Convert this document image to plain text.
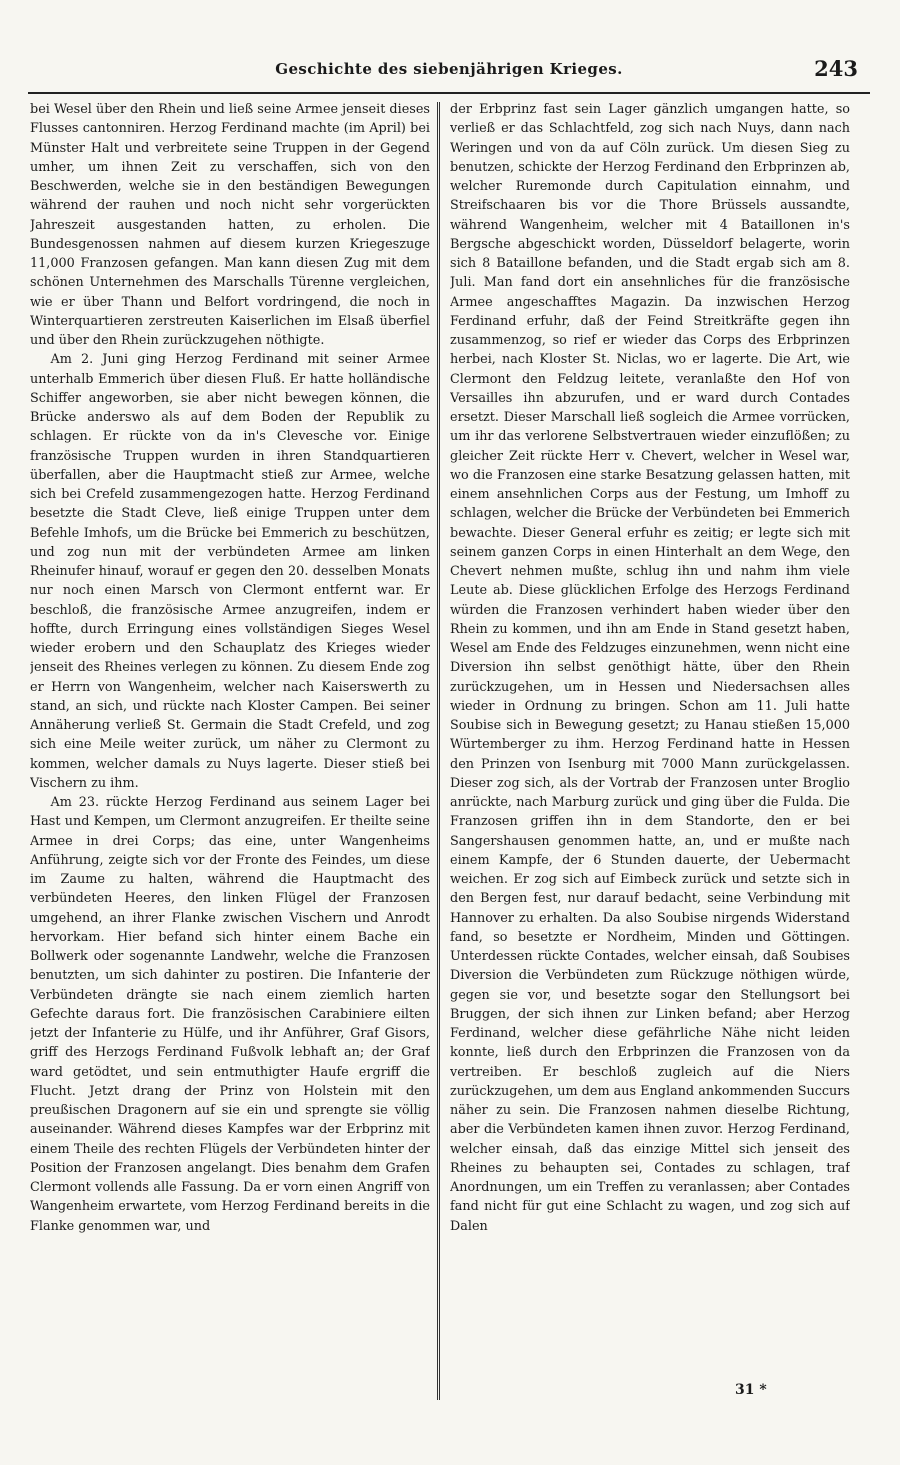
Geschichte des siebenjährigen Krieges.	243

bei Wesel über den Rhein und ließ seine Armee jenseit dieses Flusses cantonniren. Herzog Ferdinand machte (im April) bei Münster Halt und verbreitete seine Truppen in der Gegend umher, um ihnen Zeit zu verschaffen, sich von den Beschwerden, welche sie in den beständigen Bewegungen während der rauhen und noch nicht sehr vorgerückten Jahreszeit ausgestanden hatten, zu erholen. Die Bundesgenossen nahmen auf diesem kurzen Kriegeszuge 11,000 Franzosen gefangen. Man kann diesen Zug mit dem schönen Unternehmen des Marschalls Türenne vergleichen, wie er über Thann und Belfort vordringend, die noch in Winterquartieren zerstreuten Kaiserlichen im Elsaß überfiel und über den Rhein zurückzugehen nöthigte.

Am 2. Juni ging Herzog Ferdinand mit seiner Armee unterhalb Emmerich über diesen Fluß. Er hatte holländische Schiffer angeworben, sie aber nicht bewegen können, die Brücke anderswo als auf dem Boden der Republik zu schlagen. Er rückte von da in's Clevesche vor. Einige französische Truppen wurden in ihren Standquartieren überfallen, aber die Hauptmacht stieß zur Armee, welche sich bei Crefeld zusammengezogen hatte. Herzog Ferdinand besetzte die Stadt Cleve, ließ einige Truppen unter dem Befehle Imhofs, um die Brücke bei Emmerich zu beschützen, und zog nun mit der verbündeten Armee am linken Rheinufer hinauf, worauf er gegen den 20. desselben Monats nur noch einen Marsch von Clermont entfernt war. Er beschloß, die französische Armee anzugreifen, indem er hoffte, durch Erringung eines vollständigen Sieges Wesel wieder erobern und den Schauplatz des Krieges wieder jenseit des Rheines verlegen zu können. Zu diesem Ende zog er Herrn von Wangenheim, welcher nach Kaiserswerth zu stand, an sich, und rückte nach Kloster Campen. Bei seiner Annäherung verließ St. Germain die Stadt Crefeld, und zog sich eine Meile weiter zurück, um näher zu Clermont zu kommen, welcher damals zu Nuys lagerte. Dieser stieß bei Vischern zu ihm.

Am 23. rückte Herzog Ferdinand aus seinem Lager bei Hast und Kempen, um Clermont anzugreifen. Er theilte seine Armee in drei Corps; das eine, unter Wangenheims Anführung, zeigte sich vor der Fronte des Feindes, um diese im Zaume zu halten, während die Hauptmacht des verbündeten Heeres, den linken Flügel der Franzosen umgehend, an ihrer Flanke zwischen Vischern und Anrodt hervorkam. Hier befand sich hinter einem Bache ein Bollwerk oder sogenannte Landwehr, welche die Franzosen benutzten, um sich dahinter zu postiren. Die Infanterie der Verbündeten drängte sie nach einem ziemlich harten Gefechte daraus fort. Die französischen Carabiniere eilten jetzt der Infanterie zu Hülfe, und ihr Anführer, Graf Gisors, griff des Herzogs Ferdinand Fußvolk lebhaft an; der Graf ward getödtet, und sein entmuthigter Haufe ergriff die Flucht. Jetzt drang der Prinz von Holstein mit den preußischen Dragonern auf sie ein und sprengte sie völlig auseinander. Während dieses Kampfes war der Erbprinz mit einem Theile des rechten Flügels der Verbündeten hinter der Position der Franzosen angelangt. Dies benahm dem Grafen Clermont vollends alle Fassung. Da er vorn einen Angriff von Wangenheim erwartete, vom Herzog Ferdinand bereits in die Flanke genommen war, und

der Erbprinz fast sein Lager gänzlich umgangen hatte, so verließ er das Schlachtfeld, zog sich nach Nuys, dann nach Weringen und von da auf Cöln zurück. Um diesen Sieg zu benutzen, schickte der Herzog Ferdinand den Erbprinzen ab, welcher Ruremonde durch Capitulation einnahm, und Streifschaaren bis vor die Thore Brüssels aussandte, während Wangenheim, welcher mit 4 Bataillonen in's Bergsche abgeschickt worden, Düsseldorf belagerte, worin sich 8 Bataillone befanden, und die Stadt ergab sich am 8. Juli. Man fand dort ein ansehnliches für die französische Armee angeschafftes Magazin. Da inzwischen Herzog Ferdinand erfuhr, daß der Feind Streitkräfte gegen ihn zusammenzog, so rief er wieder das Corps des Erbprinzen herbei, nach Kloster St. Niclas, wo er lagerte. Die Art, wie Clermont den Feldzug leitete, veranlaßte den Hof von Versailles ihn abzurufen, und er ward durch Contades ersetzt. Dieser Marschall ließ sogleich die Armee vorrücken, um ihr das verlorene Selbstvertrauen wieder einzuflößen; zu gleicher Zeit rückte Herr v. Chevert, welcher in Wesel war, wo die Franzosen eine starke Besatzung gelassen hatten, mit einem ansehnlichen Corps aus der Festung, um Imhoff zu schlagen, welcher die Brücke der Verbündeten bei Emmerich bewachte. Dieser General erfuhr es zeitig; er legte sich mit seinem ganzen Corps in einen Hinterhalt an dem Wege, den Chevert nehmen mußte, schlug ihn und nahm ihm viele Leute ab. Diese glücklichen Erfolge des Herzogs Ferdinand würden die Franzosen verhindert haben wieder über den Rhein zu kommen, und ihn am Ende in Stand gesetzt haben, Wesel am Ende des Feldzuges einzunehmen, wenn nicht eine Diversion ihn selbst genöthigt hätte, über den Rhein zurückzugehen, um in Hessen und Niedersachsen alles wieder in Ordnung zu bringen. Schon am 11. Juli hatte Soubise sich in Bewegung gesetzt; zu Hanau stießen 15,000 Würtemberger zu ihm. Herzog Ferdinand hatte in Hessen den Prinzen von Isenburg mit 7000 Mann zurückgelassen. Dieser zog sich, als der Vortrab der Franzosen unter Broglio anrückte, nach Marburg zurück und ging über die Fulda. Die Franzosen griffen ihn in dem Standorte, den er bei Sangershausen genommen hatte, an, und er mußte nach einem Kampfe, der 6 Stunden dauerte, der Uebermacht weichen. Er zog sich auf Eimbeck zurück und setzte sich in den Bergen fest, nur darauf bedacht, seine Verbindung mit Hannover zu erhalten. Da also Soubise nirgends Widerstand fand, so besetzte er Nordheim, Minden und Göttingen. Unterdessen rückte Contades, welcher einsah, daß Soubises Diversion die Verbündeten zum Rückzuge nöthigen würde, gegen sie vor, und besetzte sogar den Stellungsort bei Bruggen, der sich ihnen zur Linken befand; aber Herzog Ferdinand, welcher diese gefährliche Nähe nicht leiden konnte, ließ durch den Erbprinzen die Franzosen von da vertreiben. Er beschloß zugleich auf die Niers zurückzugehen, um dem aus England ankommenden Succurs näher zu sein. Die Franzosen nahmen dieselbe Richtung, aber die Verbündeten kamen ihnen zuvor. Herzog Ferdinand, welcher einsah, daß das einzige Mittel sich jenseit des Rheines zu behaupten sei, Contades zu schlagen, traf Anordnungen, um ein Treffen zu veranlassen; aber Contades fand nicht für gut eine Schlacht zu wagen, und zog sich auf Dalen

31 *
